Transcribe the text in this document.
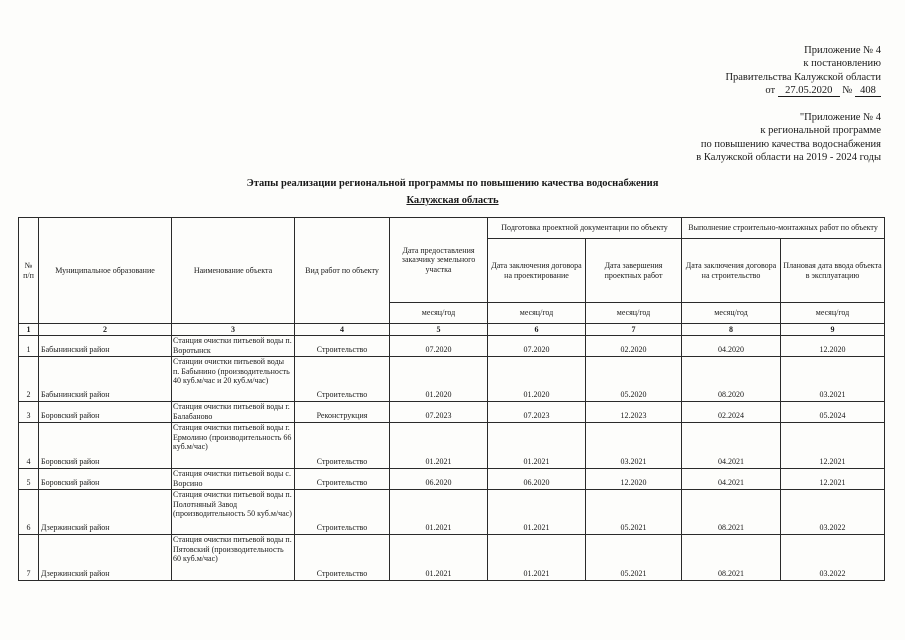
Приложение № 4
к постановлению
Правительства Калужской области
от 27.05.2020 № 408
"Приложение № 4
к региональной программе
по повышению качества водоснабжения
в Калужской области на 2019 - 2024 годы
Этапы реализации региональной программы по повышению качества водоснабжения
Калужская область
№ п/п	Муниципальное образование	Наименование объекта	Вид работ по объекту	Дата предоставления заказчику земельного участка	Подготовка проектной документации по объекту		Выполнение строительно-монтажных работ по объекту	
					Дата заключения договора на проектирование	Дата завершения проектных работ	Дата заключения договора на строительство	Плановая дата ввода объекта в эксплуатацию
				месяц/год	месяц/год	месяц/год	месяц/год	месяц/год
1	2	3	4	5	6	7	8	9
1	Бабынинский район	Станция очистки питьевой воды п. Воротынск	Строительство	07.2020	07.2020	02.2020	04.2020	12.2020
2	Бабынинский район	Станции очистки питьевой воды п. Бабынино (производительность 40 куб.м/час и 20 куб.м/час)	Строительство	01.2020	01.2020	05.2020	08.2020	03.2021
3	Боровский район	Станция очистки питьевой воды г. Балабаново	Реконструкция	07.2023	07.2023	12.2023	02.2024	05.2024
4	Боровский район	Станция очистки питьевой воды г. Ермолино (производительность 66 куб.м/час)	Строительство	01.2021	01.2021	03.2021	04.2021	12.2021
5	Боровский район	Станция очистки питьевой воды с. Ворсино	Строительство	06.2020	06.2020	12.2020	04.2021	12.2021
6	Дзержинский район	Станция очистки питьевой воды п. Полотняный Завод (производительность 50 куб.м/час)	Строительство	01.2021	01.2021	05.2021	08.2021	03.2022
7	Дзержинский район	Станция очистки питьевой воды п. Пятовский (производительность 60 куб.м/час)	Строительство	01.2021	01.2021	05.2021	08.2021	03.2022
